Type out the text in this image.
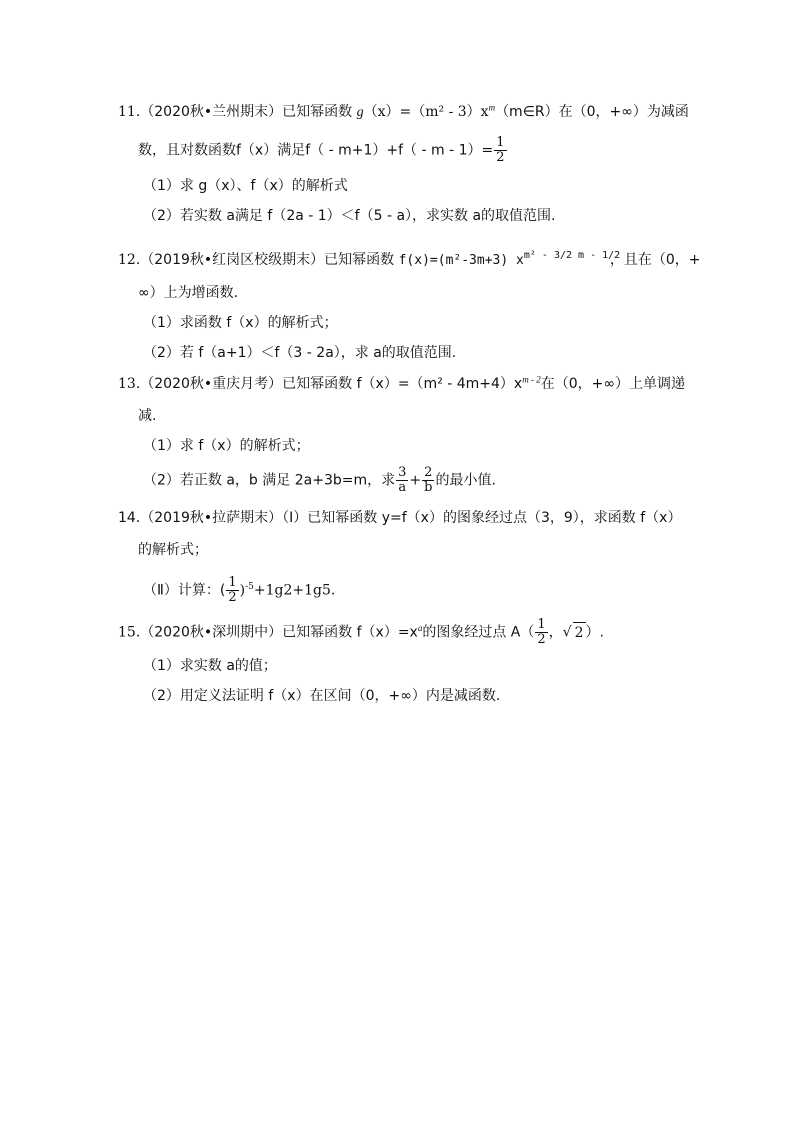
11.（2020秋•兰州期末）已知幂函数 $g(x)=(m^2 - 3)x^m(m\in R)$在（0，+∞）为减函
数，且对数函数f（x）满足$f( - m+1)+f( - m - 1)= \frac{1}{2}$
（1）求 g（x）、f（x）的解析式
（2）若实数 a满足 f（2a - 1）＜f（5 - a），求实数 a的取值范围.
12.（2019秋•红岗区校级期末）已知幂函数 f(x)=(m²-3m+3) x m² - 3/2 m - 1/2
，且在（0，+
∞）上为增函数.
（1）求函数 f（x）的解析式；
（2）若 f（a+1）＜f（3 - 2a），求 a的取值范围.
13.（2020秋•重庆月考）已知幂函数 $f(x)=(m^2 - 4m+4)x^{m - 2}$在（0，+∞）上单调递
减.
（1）求 f（x）的解析式；
（2）若正数 a，b 满足 2a+3b=m，求 $\frac{3}{a} + \frac{2}{b}$ 的最小值.
14.（2019秋•拉萨期末）（Ⅰ）已知幂函数 y=f（x）的图象经过点（3，9），求函数 f（x）
的解析式；
（Ⅱ）计算：( $\frac{1}{2} )^{-5}+1g2+1g5$.
15.（2020秋•深圳期中）已知幂函数 $f(x)=x^a$的图象经过点 $A( \frac{1}{2}$ ，√ 2 ）.
（1）求实数 a的值；
（2）用定义法证明 f（x）在区间（0，+∞）内是减函数.
